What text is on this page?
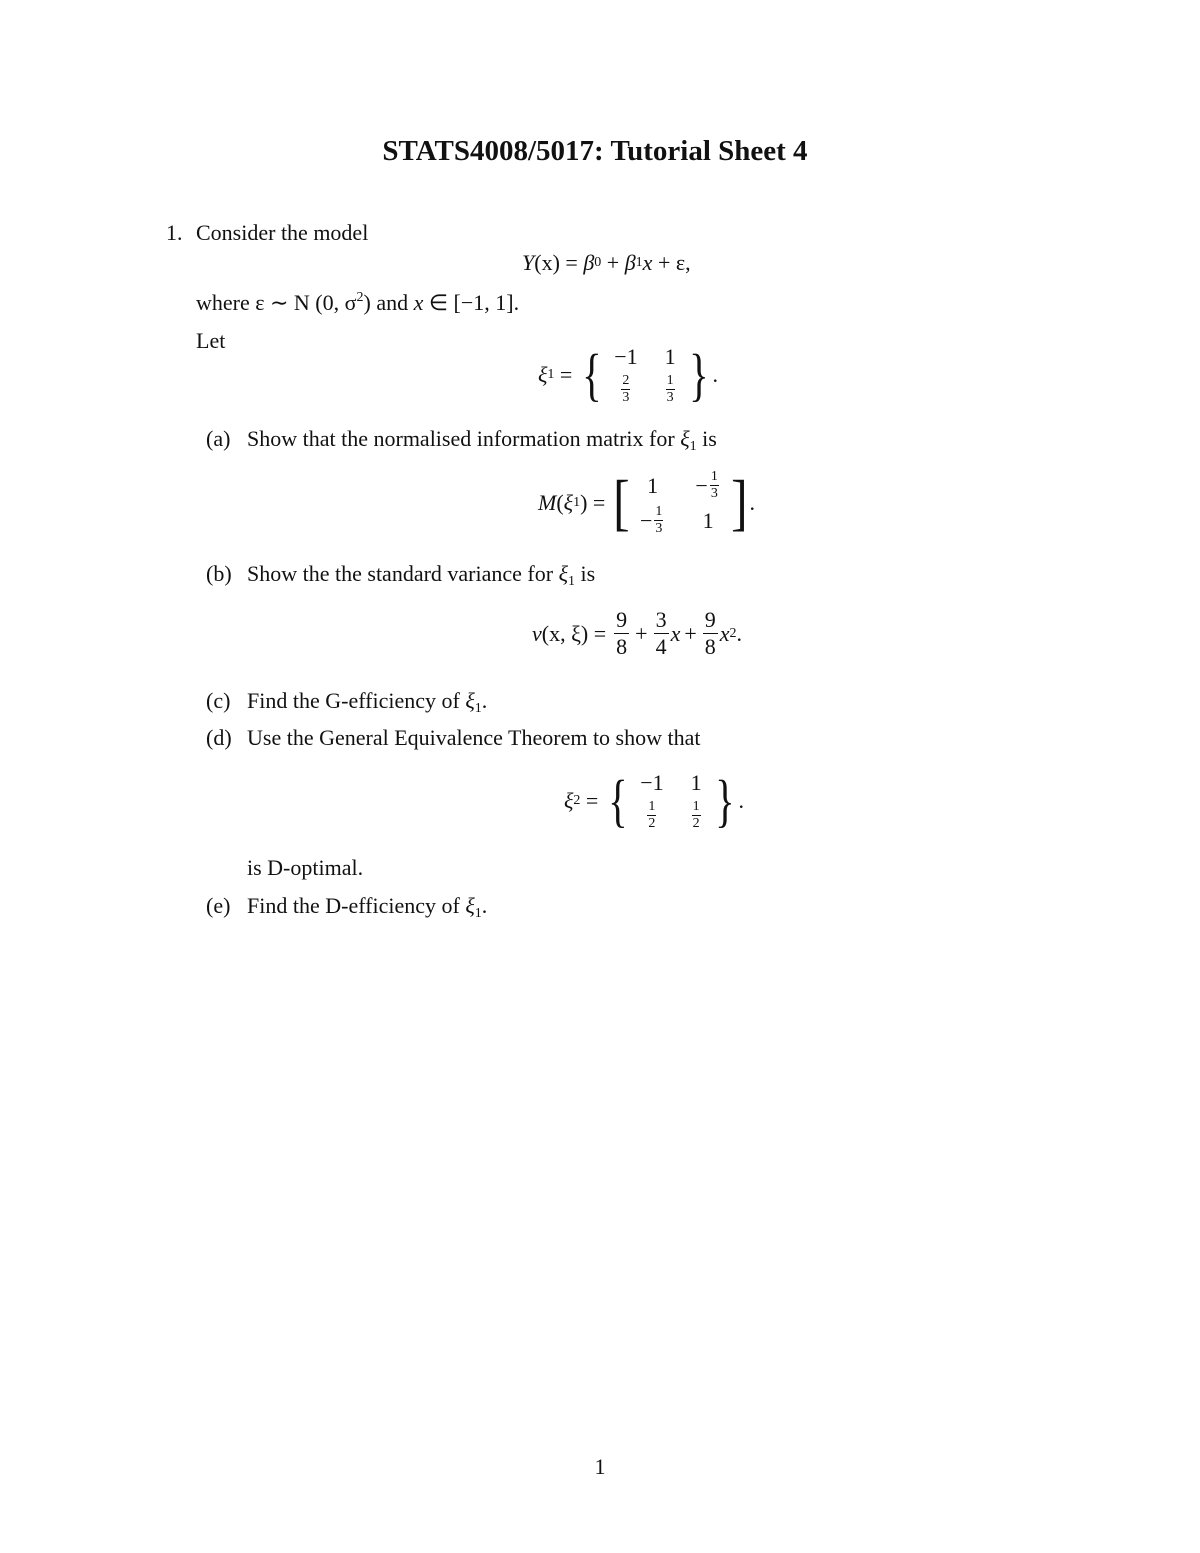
STATS4008/5017: Tutorial Sheet 4
1. Consider the model
Y (x) = β 0 + β 1 x + ε,
where ε ∼ N (0, $\sigma^2$) and x ∈ [−1, 1].
Let
ξ 1 = { −1 1
$\frac{2}{3}$	$\frac{1}{3}$ } .
(a) Show that the normalised information matrix for $\xi_1$ is
M ( ξ 1 ) = [ $1 - \frac{1}{3}$
− $\frac{1}{3} 1$ ] .
(b) Show the the standard variance for $\xi_1$ is
ν (x, $\xi) = \frac{9}{8} + \frac{3}{4}$ $x + \frac{9}{8}$ x 2 .
(c) Find the G-efficiency of $\xi_1$.
(d) Use the General Equivalence Theorem to show that
ξ 2 = { −1 1
$\frac{1}{2}$	$\frac{1}{2}$ } .
is D-optimal.
(e) Find the D-efficiency of $\xi_1$.
1
